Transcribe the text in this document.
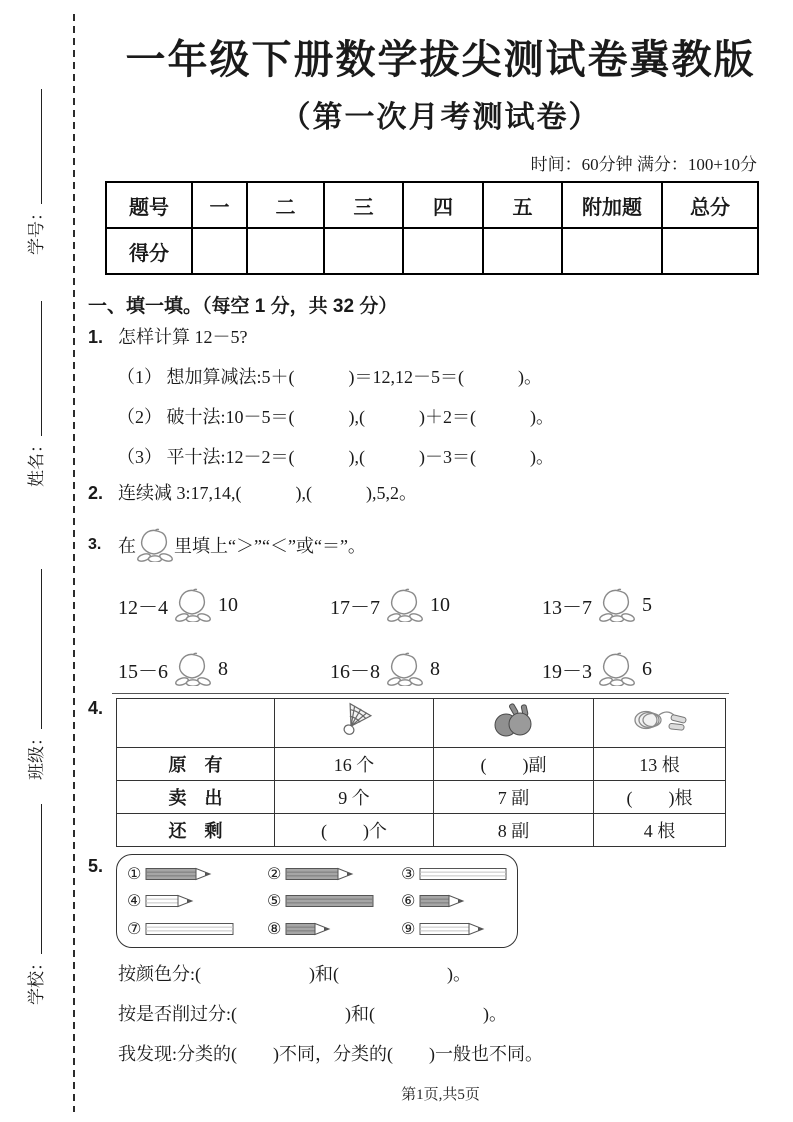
学号：
姓名：
班级：
学校：
一年级下册数学拔尖测试卷冀教版
（第一次月考测试卷）
时间：60分钟 满分：100+10分
题号	一	二	三	四	五	附加题	总分
得分							
一、填一填。（每空 1 分，共 32 分）
1. 怎样计算 12－5?
（1） 想加算减法:5＋(　　　)＝12,12－5＝(　　　)。
（2） 破十法:10－5＝(　　　),(　　　)＋2＝(　　　)。
（3） 平十法:12－2＝(　　　),(　　　)－3＝(　　　)。
2. 连续减 3:17,14,(　　　),(　　　),5,2。
3. 在 里填上“＞”“＜”或“＝”。
12－4	10	17－7	10	13－7	5
15－6	8	16－8	8	19－3	6
4.

原　有	16 个	(　　)副	13 根
卖　出	9 个	7 副	(　　)根
还　剩	(　　)个	8 副	4 根
5.	①	②	③
④	⑤	⑥
⑦	⑧	⑨
按颜色分:(　　　　　　)和(　　　　　　)。
按是否削过分:(　　　　　　)和(　　　　　　)。
我发现:分类的(　　)不同，分类的(　　)一般也不同。
第1页,共5页
